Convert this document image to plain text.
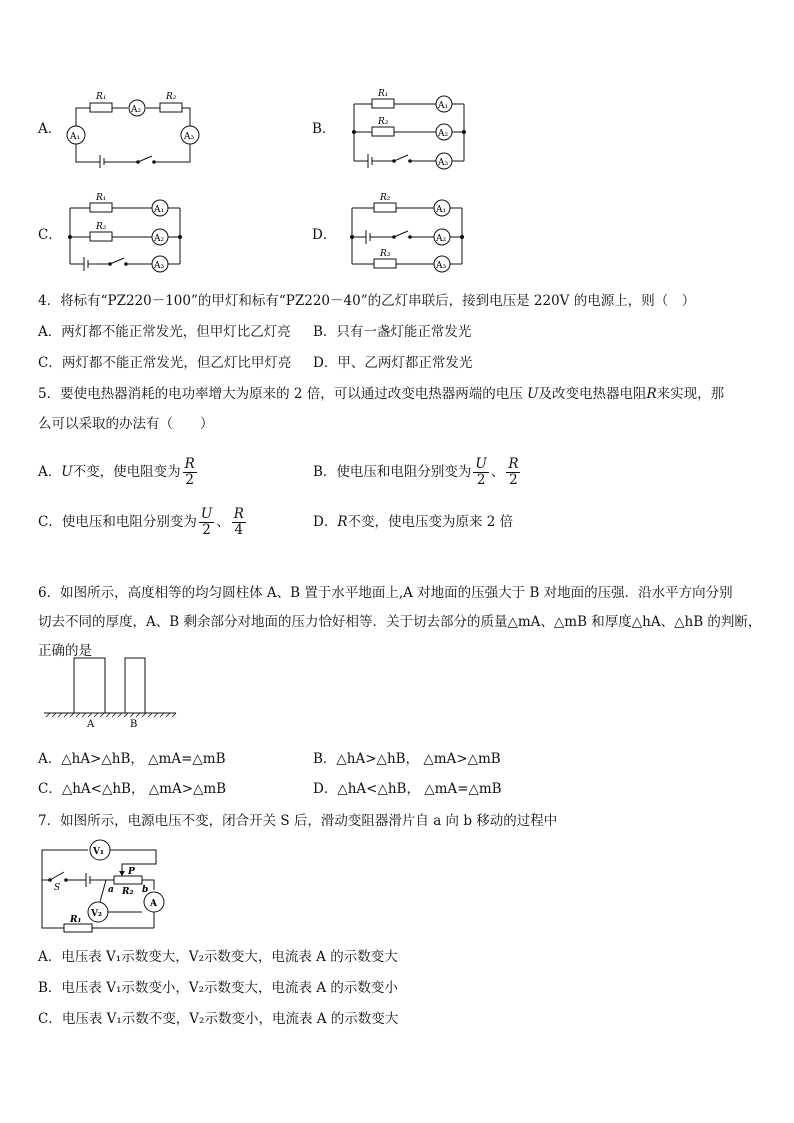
A．	B．
C．	D．
R₁	R₂
A₂
A₁	A₃
R₁
R₂
A₁
A₂
A₃
R₁
R₂
A₁
A₂
A₃
R₂
R₃
A₁
A₂
A₃
4．将标有“PZ220－100”的甲灯和标有“PZ220－40”的乙灯串联后，接到电压是 220V 的电源上，则（　）
A．两灯都不能正常发光，但甲灯比乙灯亮 B．只有一盏灯能正常发光
C．两灯都不能正常发光，但乙灯比甲灯亮 D．甲、乙两灯都正常发光
5．要使电热器消耗的电功率增大为原来的 2 倍，可以通过改变电热器两端的电压 U及改变电热器电阻R来实现，那
么可以采取的办法有（　　）
A．U不变，使电阻变为 $\frac{R}{2}$	B．使电压和电阻分别变为 $\frac{U}{2}$ 、 $\frac{R}{2}$
C．使电压和电阻分别变为 $\frac{U}{2}$ 、 $\frac{R}{4}$	D．R不变，使电压变为原来 2 倍
6．如图所示，高度相等的均匀圆柱体 A、B 置于水平地面上,A 对地面的压强大于 B 对地面的压强．沿水平方向分别
切去不同的厚度，A、B 剩余部分对地面的压力恰好相等．关于切去部分的质量△mA、△mB 和厚度△hA、△hB 的判断，
正确的是
A	B
A．△hA>△hB， △mA=△mB	B．△hA>△hB， △mA>△mB
C．△hA<△hB， △mA>△mB	D．△hA<△hB， △mA=△mB
7．如图所示，电源电压不变，闭合开关 S 后，滑动变阻器滑片自 a 向 b 移动的过程中
V₁
V₂
S
P
a	b
R₂
R₁
A
A．电压表 V₁示数变大，V₂示数变大，电流表 A 的示数变大
B．电压表 V₁示数变小，V₂示数变大，电流表 A 的示数变小
C．电压表 V₁示数不变，V₂示数变小，电流表 A 的示数变大
